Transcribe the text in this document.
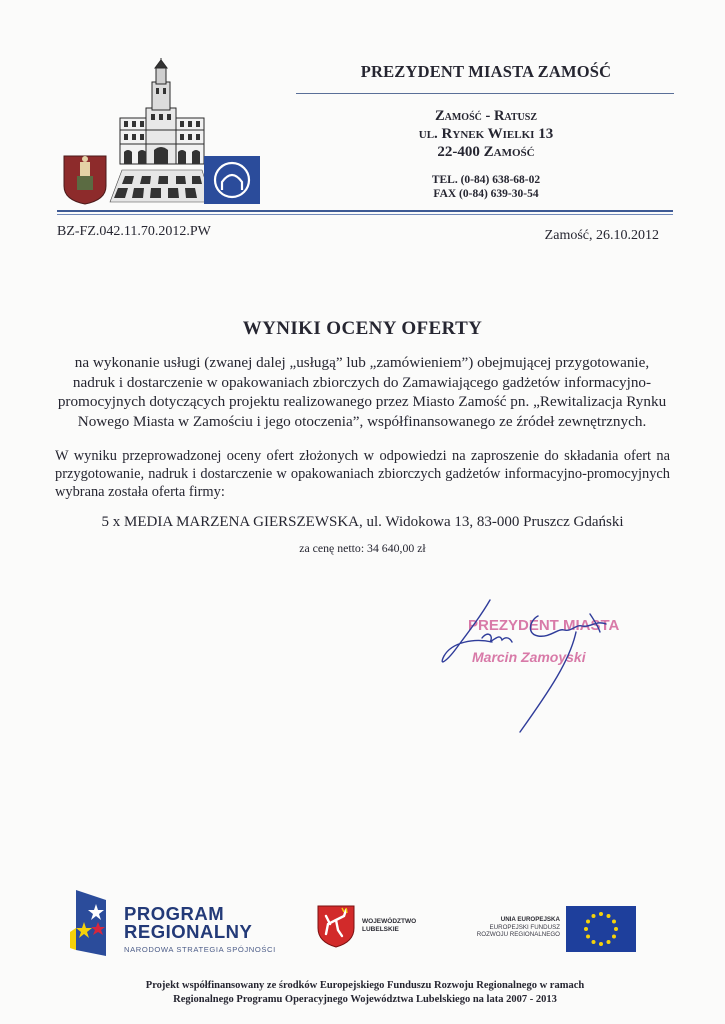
PREZYDENT MIASTA ZAMOŚĆ
Zamość - Ratusz
ul. Rynek Wielki 13
22-400 Zamość
TEL. (0-84) 638-68-02
FAX (0-84) 639-30-54
BZ-FZ.042.11.70.2012.PW	Zamość, 26.10.2012
WYNIKI OCENY OFERTY
na wykonanie usługi (zwanej dalej „usługą” lub „zamówieniem”) obejmującej przygotowanie,
nadruk i dostarczenie w opakowaniach zbiorczych do Zamawiającego gadżetów informacyjno-
promocyjnych dotyczących projektu realizowanego przez Miasto Zamość pn. „Rewitalizacja Rynku
Nowego Miasta w Zamościu i jego otoczenia”, współfinansowanego ze źródeł zewnętrznych.
W wyniku przeprowadzonej oceny ofert złożonych w odpowiedzi na zaproszenie do składania ofert na przygotowanie, nadruk i dostarczenie w opakowaniach zbiorczych gadżetów informacyjno-promocyjnych wybrana została oferta firmy:
5 x MEDIA MARZENA GIERSZEWSKA, ul. Widokowa 13, 83-000 Pruszcz Gdański
za cenę netto: 34 640,00 zł
PREZYDENT MIASTA
Marcin Zamoyski
PROGRAM
REGIONALNY
NARODOWA STRATEGIA SPÓJNOŚCI
WOJEWÓDZTWO
LUBELSKIE
UNIA EUROPEJSKA
EUROPEJSKI FUNDUSZ
ROZWOJU REGIONALNEGO
Projekt współfinansowany ze środków Europejskiego Funduszu Rozwoju Regionalnego w ramach
Regionalnego Programu Operacyjnego Województwa Lubelskiego na lata 2007 - 2013
